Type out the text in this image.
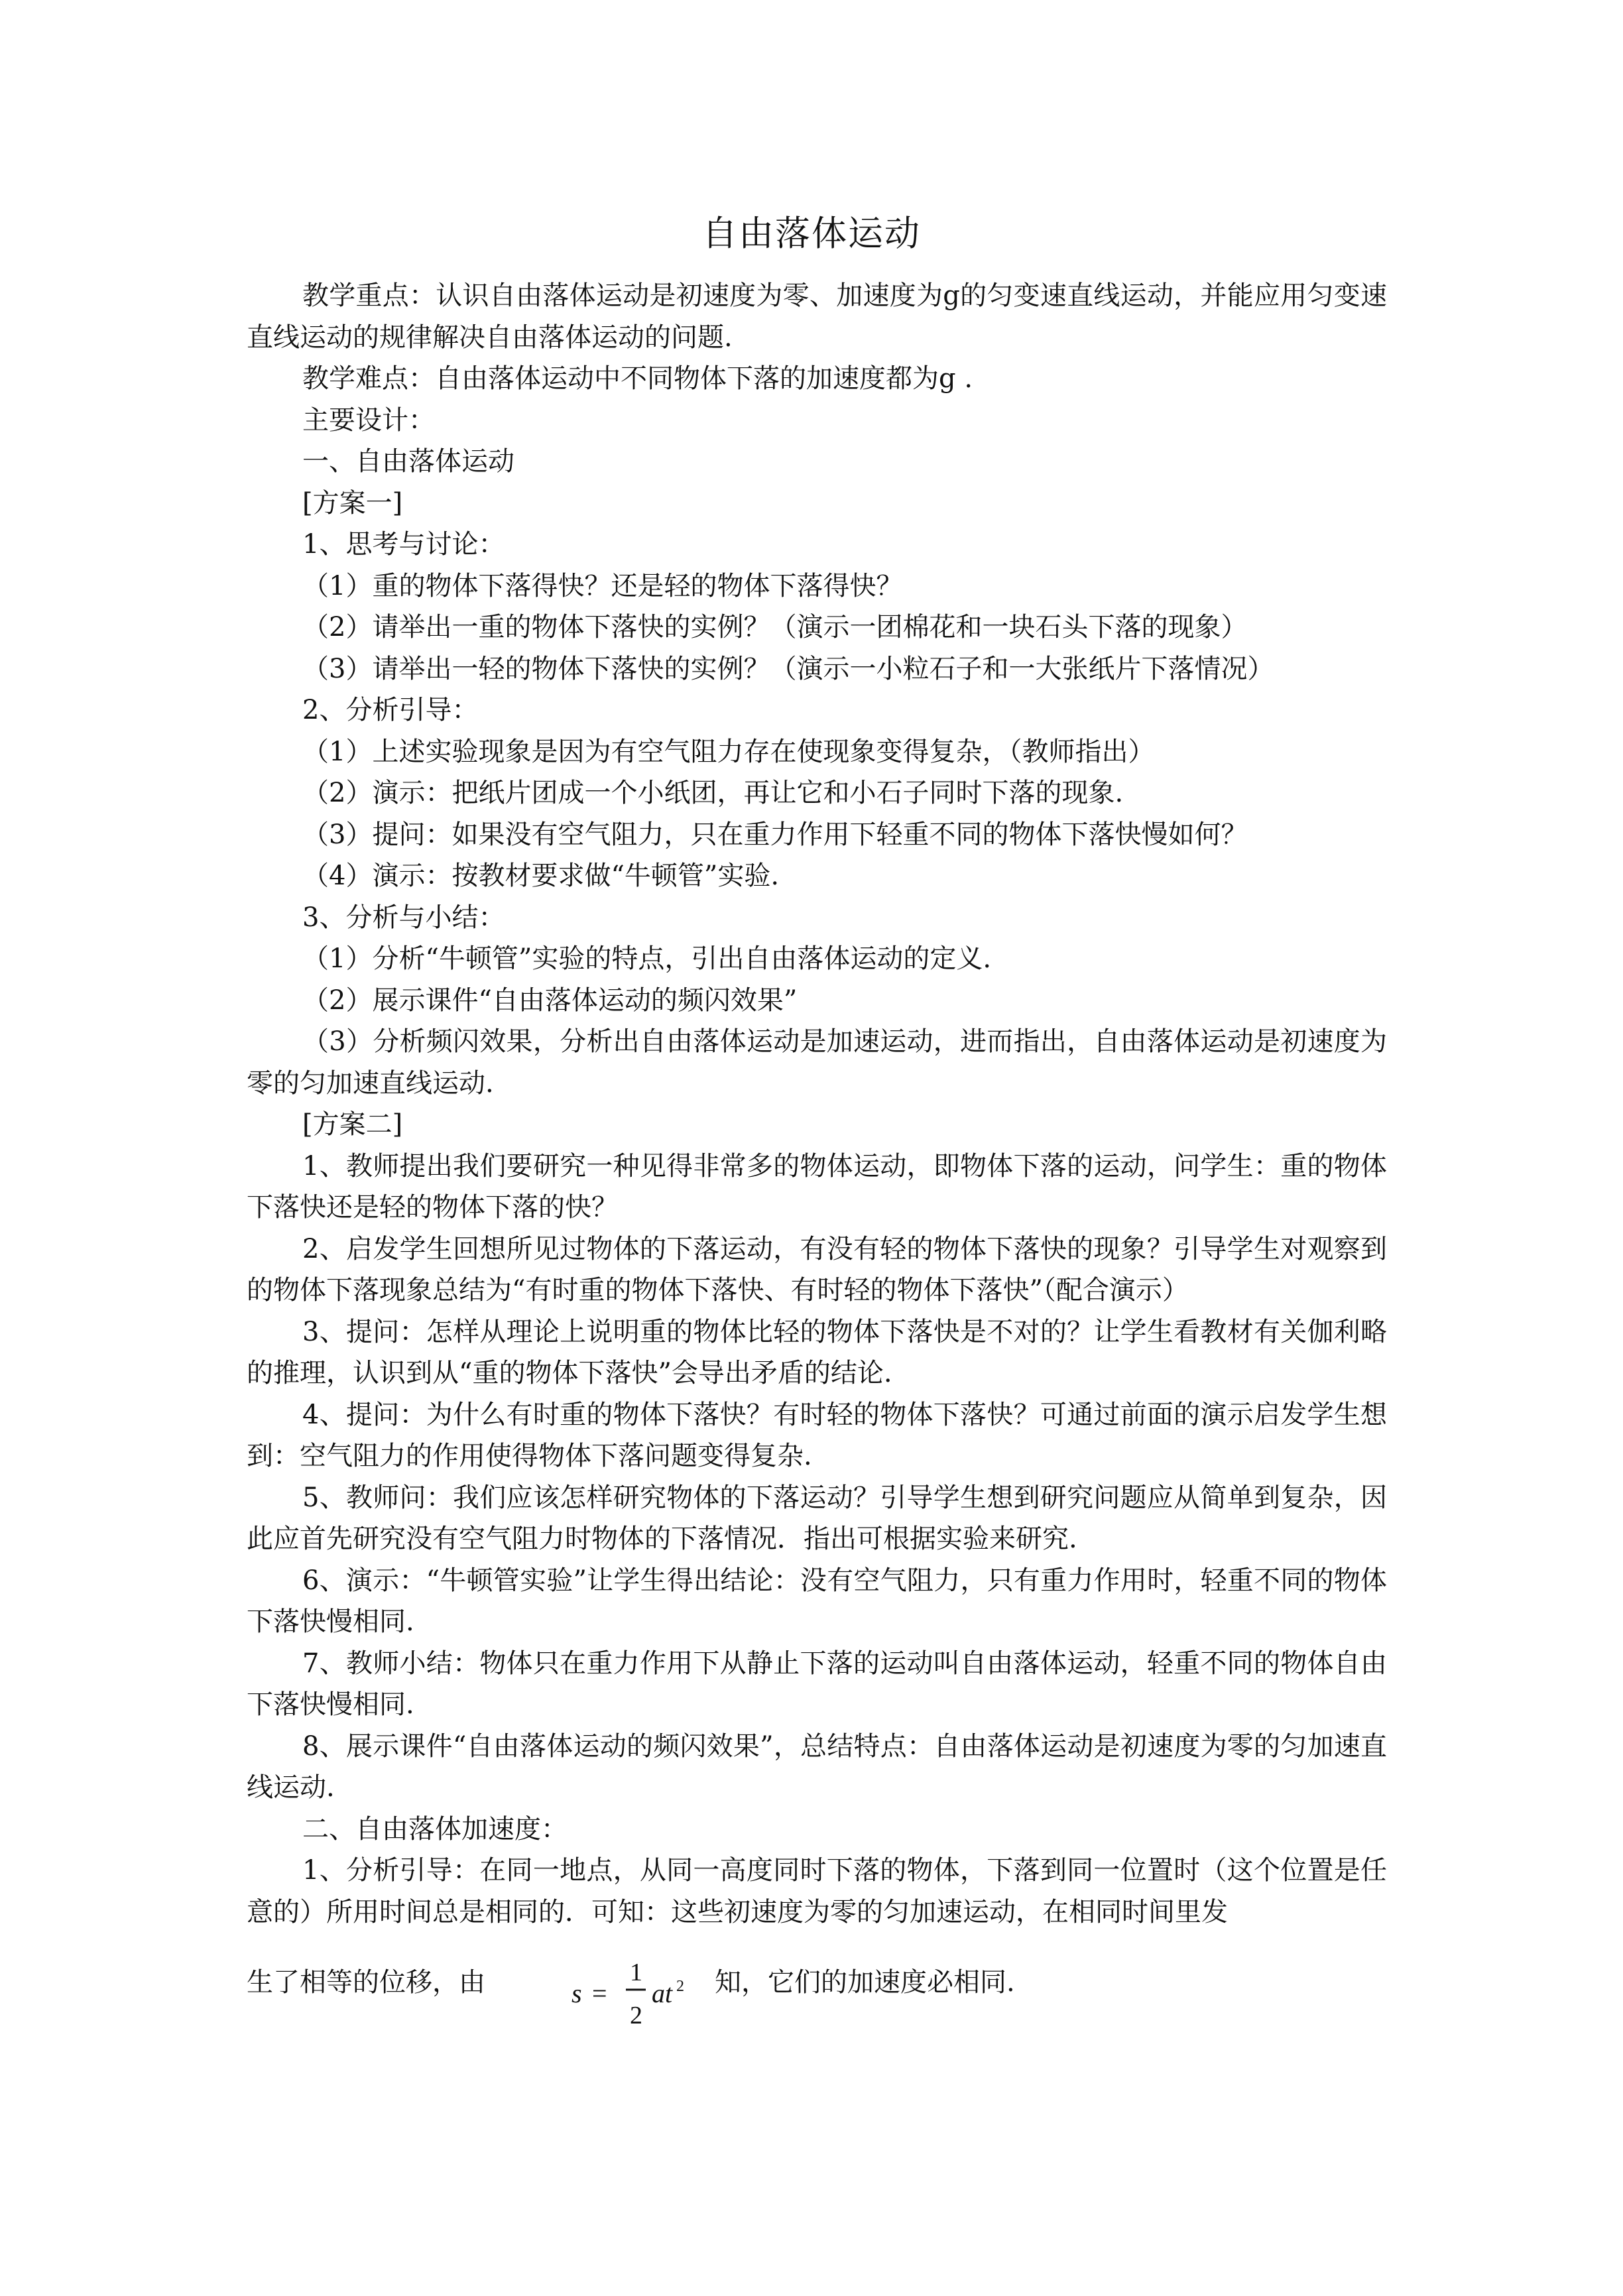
自由落体运动

教学重点：认识自由落体运动是初速度为零、加速度为g的匀变速直线运动，并能应用匀变速直线运动的规律解决自由落体运动的问题.

教学难点：自由落体运动中不同物体下落的加速度都为g .

主要设计：

一、自由落体运动

[方案一]

1、思考与讨论：

（1）重的物体下落得快？还是轻的物体下落得快？

（2）请举出一重的物体下落快的实例？（演示一团棉花和一块石头下落的现象）

（3）请举出一轻的物体下落快的实例？（演示一小粒石子和一大张纸片下落情况）

2、分析引导：

（1）上述实验现象是因为有空气阻力存在使现象变得复杂，（教师指出）

（2）演示：把纸片团成一个小纸团，再让它和小石子同时下落的现象.

（3）提问：如果没有空气阻力，只在重力作用下轻重不同的物体下落快慢如何？

（4）演示：按教材要求做“牛顿管”实验.

3、分析与小结：

（1）分析“牛顿管”实验的特点，引出自由落体运动的定义.

（2）展示课件“自由落体运动的频闪效果”

（3）分析频闪效果，分析出自由落体运动是加速运动，进而指出，自由落体运动是初速度为零的匀加速直线运动.

[方案二]

1、教师提出我们要研究一种见得非常多的物体运动，即物体下落的运动，问学生：重的物体下落快还是轻的物体下落的快？

2、启发学生回想所见过物体的下落运动，有没有轻的物体下落快的现象？引导学生对观察到的物体下落现象总结为“有时重的物体下落快、有时轻的物体下落快”（配合演示）

3、提问：怎样从理论上说明重的物体比轻的物体下落快是不对的？让学生看教材有关伽利略的推理，认识到从“重的物体下落快”会导出矛盾的结论.

4、提问：为什么有时重的物体下落快？有时轻的物体下落快？可通过前面的演示启发学生想到：空气阻力的作用使得物体下落问题变得复杂.

5、教师问：我们应该怎样研究物体的下落运动？引导学生想到研究问题应从简单到复杂，因此应首先研究没有空气阻力时物体的下落情况．指出可根据实验来研究.

6、演示：“牛顿管实验”让学生得出结论：没有空气阻力，只有重力作用时，轻重不同的物体下落快慢相同.

7、教师小结：物体只在重力作用下从静止下落的运动叫自由落体运动，轻重不同的物体自由下落快慢相同.

8、展示课件“自由落体运动的频闪效果”，总结特点：自由落体运动是初速度为零的匀加速直线运动.

二、自由落体加速度：

1、分析引导：在同一地点，从同一高度同时下落的物体，下落到同一位置时（这个位置是任意的）所用时间总是相同的．可知：这些初速度为零的匀加速运动，在相同时间里发

生了相等的位移，由	s =
1
2
at 2 知，它们的加速度必相同.
